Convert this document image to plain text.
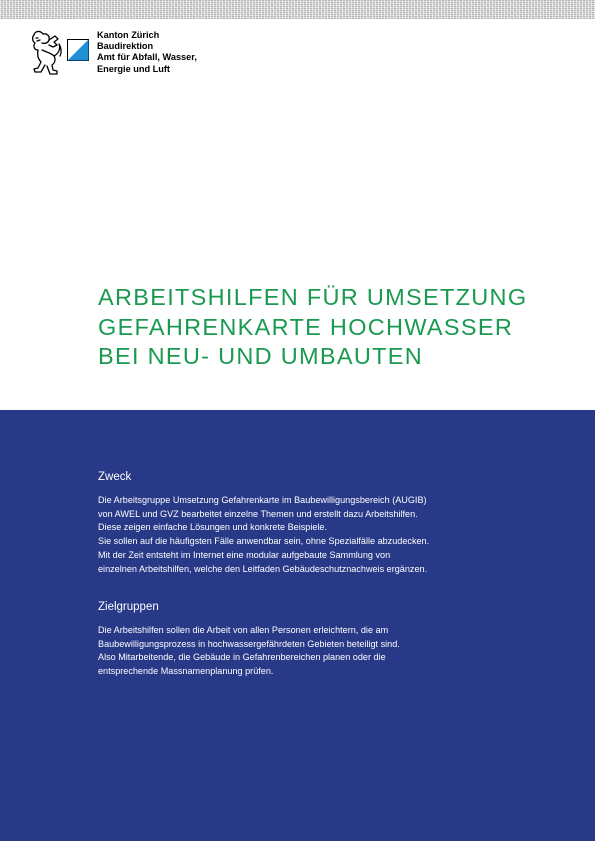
Kanton Zürich
Baudirektion
Amt für Abfall, Wasser,
Energie und Luft
ARBEITSHILFEN FÜR UMSETZUNG
GEFAHRENKARTE HOCHWASSER
BEI NEU- UND UMBAUTEN
Zweck

Die Arbeitsgruppe Umsetzung Gefahrenkarte im Baubewilligungsbereich (AUGIB)
von AWEL und GVZ bearbeitet einzelne Themen und erstellt dazu Arbeitshilfen.
Diese zeigen einfache Lösungen und konkrete Beispiele.
Sie sollen auf die häufigsten Fälle anwendbar sein, ohne Spezialfälle abzudecken.
Mit der Zeit entsteht im Internet eine modular aufgebaute Sammlung von
einzelnen Arbeitshilfen, welche den Leitfaden Gebäudeschutznachweis ergänzen.

Zielgruppen

Die Arbeitshilfen sollen die Arbeit von allen Personen erleichtern, die am
Baubewilligungsprozess in hochwassergefährdeten Gebieten beteiligt sind.
Also Mitarbeitende, die Gebäude in Gefahrenbereichen planen oder die
entsprechende Massnamenplanung prüfen.
